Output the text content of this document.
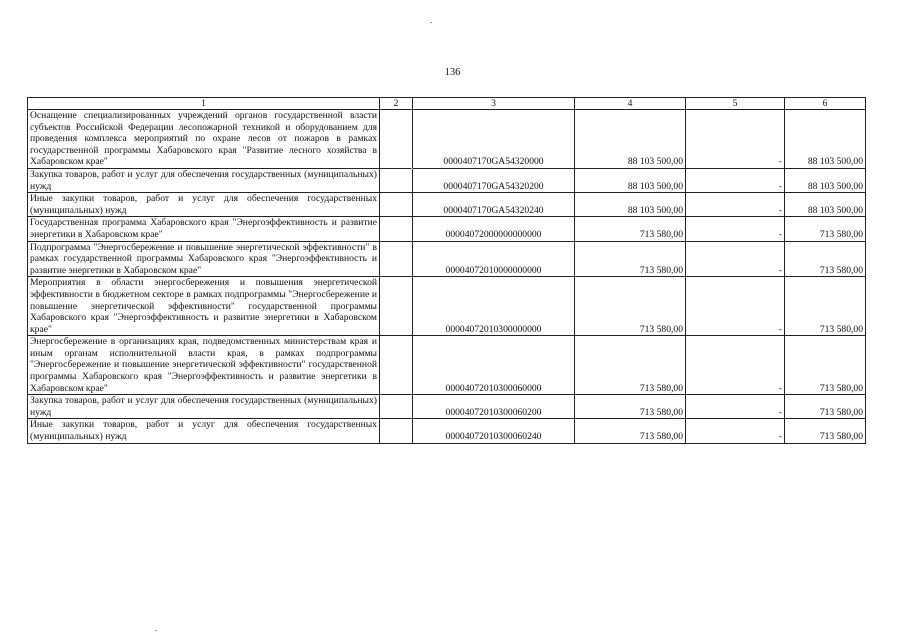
136
1	2	3	4	5	6
Оснащение специализированных учреждений органов государственной власти субъектов Российской Федерации лесопожарной техникой и оборудованием для проведения комплекса мероприятий по охране лесов от пожаров в рамках государственной программы Хабаровского края "Развитие лесного хозяйства в Хабаровском крае"		0000407170GA54320000	88 103 500,00	-	88 103 500,00
Закупка товаров, работ и услуг для обеспечения государственных (муниципальных) нужд		0000407170GA54320200	88 103 500,00	-	88 103 500,00
Иные закупки товаров, работ и услуг для обеспечения государственных (муниципальных) нужд		0000407170GA54320240	88 103 500,00	-	88 103 500,00
Государственная программа Хабаровского края "Энергоэффективность и развитие энергетики в Хабаровском крае"		00004072000000000000	713 580,00	-	713 580,00
Подпрограмма "Энергосбережение и повышение энергетической эффективности" в рамках государственной программы Хабаровского края "Энергоэффективность и развитие энергетики в Хабаровском крае"		00004072010000000000	713 580,00	-	713 580,00
Мероприятия в области энергосбережения и повышения энергетической эффективности в бюджетном секторе в рамках подпрограммы "Энергосбережение и повышение энергетической эффективности" государственной программы Хабаровского края "Энергоэффективность и развитие энергетики в Хабаровском крае"		00004072010300000000	713 580,00	-	713 580,00
Энергосбережение в организациях края, подведомственных министерствам края и иным органам исполнительной власти края, в рамках подпрограммы "Энергосбережение и повышение энергетической эффективности" государственной программы Хабаровского края "Энергоэффективность и развитие энергетики в Хабаровском крае"		00004072010300060000	713 580,00	-	713 580,00
Закупка товаров, работ и услуг для обеспечения государственных (муниципальных) нужд		00004072010300060200	713 580,00	-	713 580,00
Иные закупки товаров, работ и услуг для обеспечения государственных (муниципальных) нужд		00004072010300060240	713 580,00	-	713 580,00
